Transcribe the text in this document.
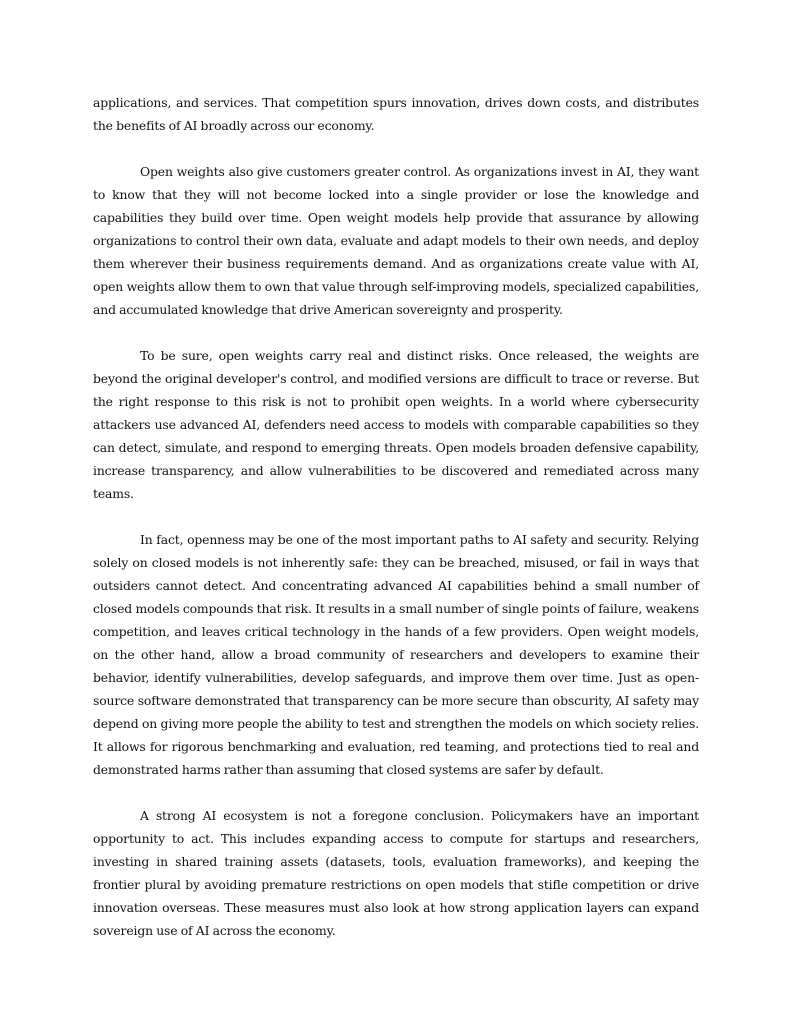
applications, and services. That competition spurs innovation, drives down costs, and distributes the benefits of AI broadly across our economy.

Open weights also give customers greater control. As organizations invest in AI, they want to know that they will not become locked into a single provider or lose the knowledge and capabilities they build over time. Open weight models help provide that assurance by allowing organizations to control their own data, evaluate and adapt models to their own needs, and deploy them wherever their business requirements demand. And as organizations create value with AI, open weights allow them to own that value through self-improving models, specialized capabilities, and accumulated knowledge that drive American sovereignty and prosperity.

To be sure, open weights carry real and distinct risks. Once released, the weights are beyond the original developer's control, and modified versions are difficult to trace or reverse. But the right response to this risk is not to prohibit open weights. In a world where cybersecurity attackers use advanced AI, defenders need access to models with comparable capabilities so they can detect, simulate, and respond to emerging threats. Open models broaden defensive capability, increase transparency, and allow vulnerabilities to be discovered and remediated across many teams.

In fact, openness may be one of the most important paths to AI safety and security. Relying solely on closed models is not inherently safe: they can be breached, misused, or fail in ways that outsiders cannot detect. And concentrating advanced AI capabilities behind a small number of closed models compounds that risk. It results in a small number of single points of failure, weakens competition, and leaves critical technology in the hands of a few providers. Open weight models, on the other hand, allow a broad community of researchers and developers to examine their behavior, identify vulnerabilities, develop safeguards, and improve them over time. Just as open-source software demonstrated that transparency can be more secure than obscurity, AI safety may depend on giving more people the ability to test and strengthen the models on which society relies. It allows for rigorous benchmarking and evaluation, red teaming, and protections tied to real and demonstrated harms rather than assuming that closed systems are safer by default.

A strong AI ecosystem is not a foregone conclusion. Policymakers have an important opportunity to act. This includes expanding access to compute for startups and researchers, investing in shared training assets (datasets, tools, evaluation frameworks), and keeping the frontier plural by avoiding premature restrictions on open models that stifle competition or drive innovation overseas. These measures must also look at how strong application layers can expand sovereign use of AI across the economy.
